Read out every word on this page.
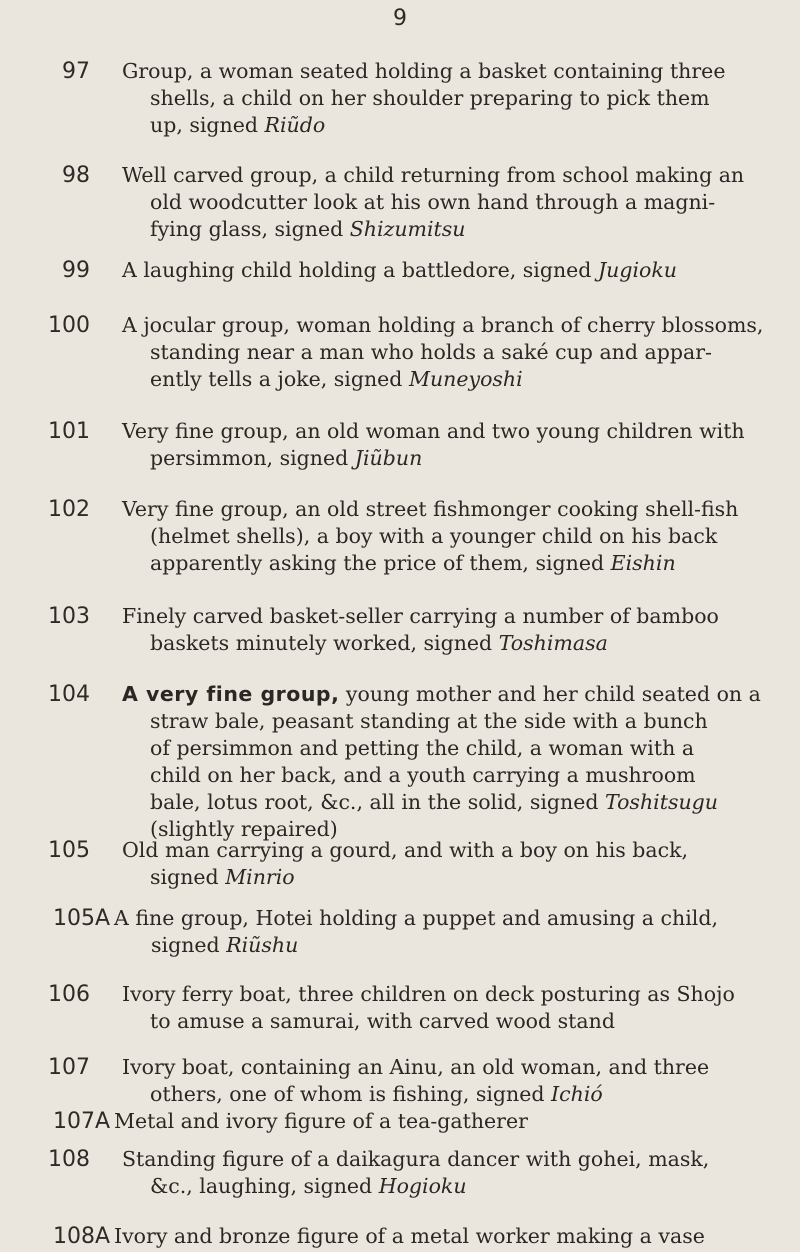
9
97 Group, a woman seated holding a basket containing three
shells, a child on her shoulder preparing to pick them
up, signed Riũdo
98 Well carved group, a child returning from school making an
old woodcutter look at his own hand through a magni-
fying glass, signed Shizumitsu
99 A laughing child holding a battledore, signed Jugioku
100 A jocular group, woman holding a branch of cherry blossoms,
standing near a man who holds a saké cup and appar-
ently tells a joke, signed Muneyoshi
101 Very fine group, an old woman and two young children with
persimmon, signed Jiũbun
102 Very fine group, an old street fishmonger cooking shell-fish
(helmet shells), a boy with a younger child on his back
apparently asking the price of them, signed Eishin
103 Finely carved basket-seller carrying a number of bamboo
baskets minutely worked, signed Toshimasa
104 A very fine group, young mother and her child seated on a
straw bale, peasant standing at the side with a bunch
of persimmon and petting the child, a woman with a
child on her back, and a youth carrying a mushroom
bale, lotus root, &c., all in the solid, signed Toshitsugu
(slightly repaired)
105 Old man carrying a gourd, and with a boy on his back,
signed Minrio
105A A fine group, Hotei holding a puppet and amusing a child,
signed Riũshu
106 Ivory ferry boat, three children on deck posturing as Shojo
to amuse a samurai, with carved wood stand
107 Ivory boat, containing an Ainu, an old woman, and three
others, one of whom is fishing, signed Ichió
107A Metal and ivory figure of a tea-gatherer
108 Standing figure of a daikagura dancer with gohei, mask,
&c., laughing, signed Hogioku
108A Ivory and bronze figure of a metal worker making a vase
